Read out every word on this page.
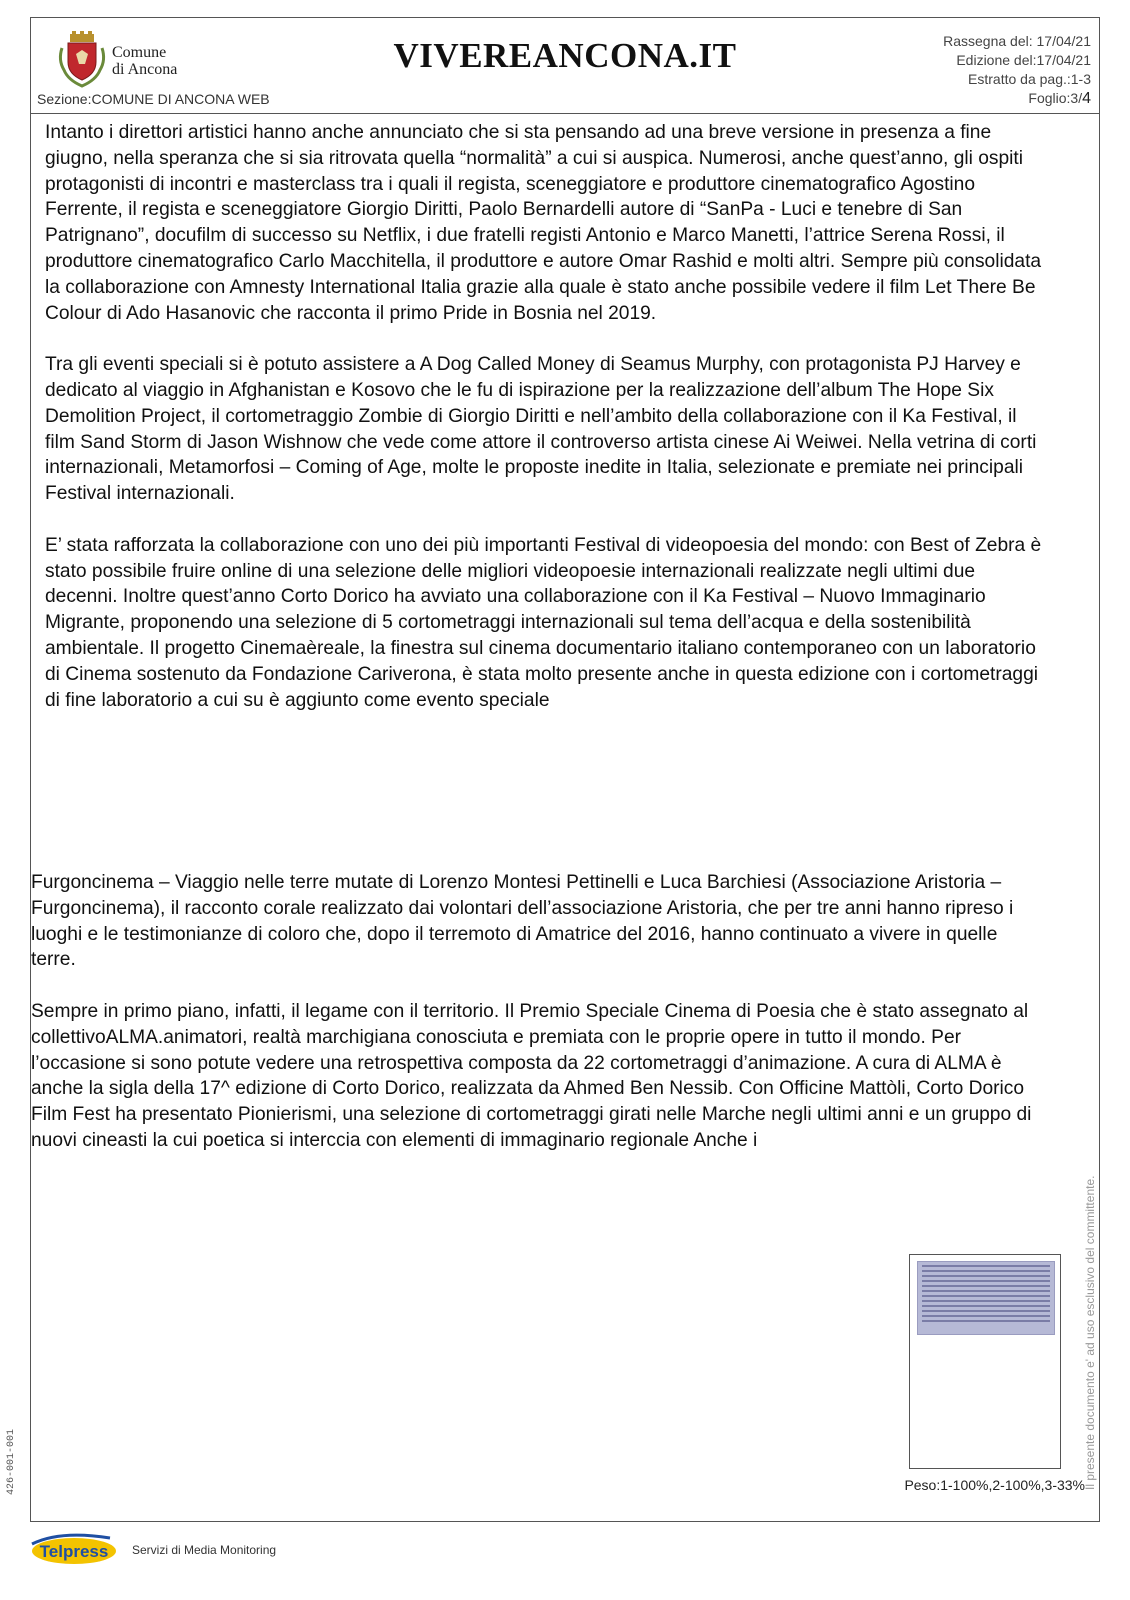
Comune
di Ancona
Sezione:COMUNE DI ANCONA WEB
VIVEREANCONA.IT	Rassegna del: 17/04/21
Edizione del:17/04/21
Estratto da pag.:1-3
Foglio:3/4
Peso:1-100%,2-100%,3-33%

Intanto i direttori artistici hanno anche annunciato che si sta pensando ad una breve versione in presenza a fine giugno, nella speranza che si sia ritrovata quella “normalità” a cui si auspica. Numerosi, anche quest’anno, gli ospiti protagonisti di incontri e masterclass tra i quali il regista, sceneggiatore e produttore cinematografico Agostino Ferrente, il regista e sceneggiatore Giorgio Diritti, Paolo Bernardelli autore di “SanPa - Luci e tenebre di San Patrignano”, docufilm di successo su Netflix, i due fratelli registi Antonio e Marco Manetti, l’attrice Serena Rossi, il produttore cinematografico Carlo Macchitella, il produttore e autore Omar Rashid e molti altri. Sempre più consolidata la collaborazione con Amnesty International Italia grazie alla quale è stato anche possibile vedere il film Let There Be Colour di Ado Hasanovic che racconta il primo Pride in Bosnia nel 2019.

Tra gli eventi speciali si è potuto assistere a A Dog Called Money di Seamus Murphy, con protagonista PJ Harvey e dedicato al viaggio in Afghanistan e Kosovo che le fu di ispirazione per la realizzazione dell’album The Hope Six Demolition Project, il cortometraggio Zombie di Giorgio Diritti e nell’ambito della collaborazione con il Ka Festival, il film Sand Storm di Jason Wishnow che vede come attore il controverso artista cinese Ai Weiwei. Nella vetrina di corti internazionali, Metamorfosi – Coming of Age, molte le proposte inedite in Italia, selezionate e premiate nei principali Festival internazionali.

E’ stata rafforzata la collaborazione con uno dei più importanti Festival di videopoesia del mondo: con Best of Zebra è stato possibile fruire online di una selezione delle migliori videopoesie internazionali realizzate negli ultimi due decenni. Inoltre quest’anno Corto Dorico ha avviato una collaborazione con il Ka Festival – Nuovo Immaginario Migrante, proponendo una selezione di 5 cortometraggi internazionali sul tema dell’acqua e della sostenibilità ambientale. Il progetto Cinemaèreale, la finestra sul cinema documentario italiano contemporaneo con un laboratorio di Cinema sostenuto da Fondazione Cariverona, è stata molto presente anche in questa edizione con i cortometraggi di fine laboratorio a cui su è aggiunto come evento speciale

Furgoncinema – Viaggio nelle terre mutate di Lorenzo Montesi Pettinelli e Luca Barchiesi (Associazione Aristoria – Furgoncinema), il racconto corale realizzato dai volontari dell’associazione Aristoria, che per tre anni hanno ripreso i luoghi e le testimonianze di coloro che, dopo il terremoto di Amatrice del 2016, hanno continuato a vivere in quelle terre.

Sempre in primo piano, infatti, il legame con il territorio. Il Premio Speciale Cinema di Poesia che è stato assegnato al collettivoALMA.animatori, realtà marchigiana conosciuta e premiata con le proprie opere in tutto il mondo. Per l’occasione si sono potute vedere una retrospettiva composta da 22 cortometraggi d’animazione. A cura di ALMA è anche la sigla della 17^ edizione di Corto Dorico, realizzata da Ahmed Ben Nessib. Con Officine Mattòli, Corto Dorico Film Fest ha presentato Pionierismi, una selezione di cortometraggi girati nelle Marche negli ultimi anni e un gruppo di nuovi cineasti la cui poetica si interccia con elementi di immaginario regionale Anche i

Il presente documento e' ad uso esclusivo del committente.
426-001-001
Telpress Servizi di Media Monitoring
